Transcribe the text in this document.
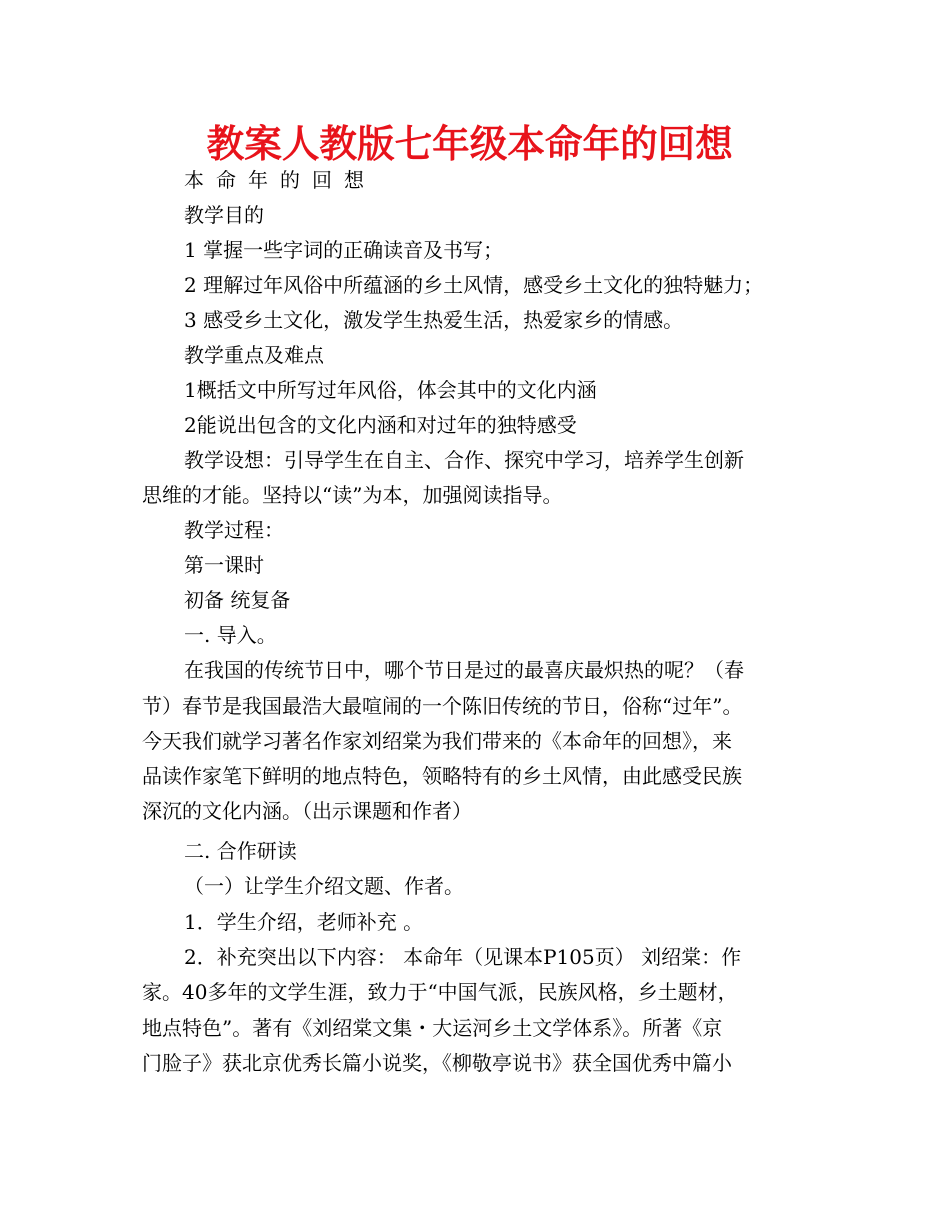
教案人教版七年级本命年的回想
本命年的回想
教学目的
1 掌握一些字词的正确读音及书写；
2 理解过年风俗中所蕴涵的乡土风情，感受乡土文化的独特魅力；
3 感受乡土文化，激发学生热爱生活，热爱家乡的情感。
教学重点及难点
1概括文中所写过年风俗，体会其中的文化内涵
2能说出包含的文化内涵和对过年的独特感受
教学设想：引导学生在自主、合作、探究中学习，培养学生创新
思维的才能。坚持以“读”为本，加强阅读指导。
教学过程：
第一课时
初备 统复备
一. 导入。
在我国的传统节日中，哪个节日是过的最喜庆最炽热的呢？（春
节）春节是我国最浩大最喧闹的一个陈旧传统的节日，俗称“过年”。
今天我们就学习著名作家刘绍棠为我们带来的《本命年的回想》，来
品读作家笔下鲜明的地点特色，领略特有的乡土风情，由此感受民族
深沉的文化内涵。（出示课题和作者）
二. 合作研读
（一）让学生介绍文题、作者。
1．学生介绍，老师补充 。
2．补充突出以下内容： 本命年（见课本P105页） 刘绍棠：作
家。40多年的文学生涯，致力于“中国气派，民族风格，乡土题材，
地点特色”。著有《刘绍棠文集・大运河乡土文学体系》。所著《京
门脸子》获北京优秀长篇小说奖，《柳敬亭说书》获全国优秀中篇小
